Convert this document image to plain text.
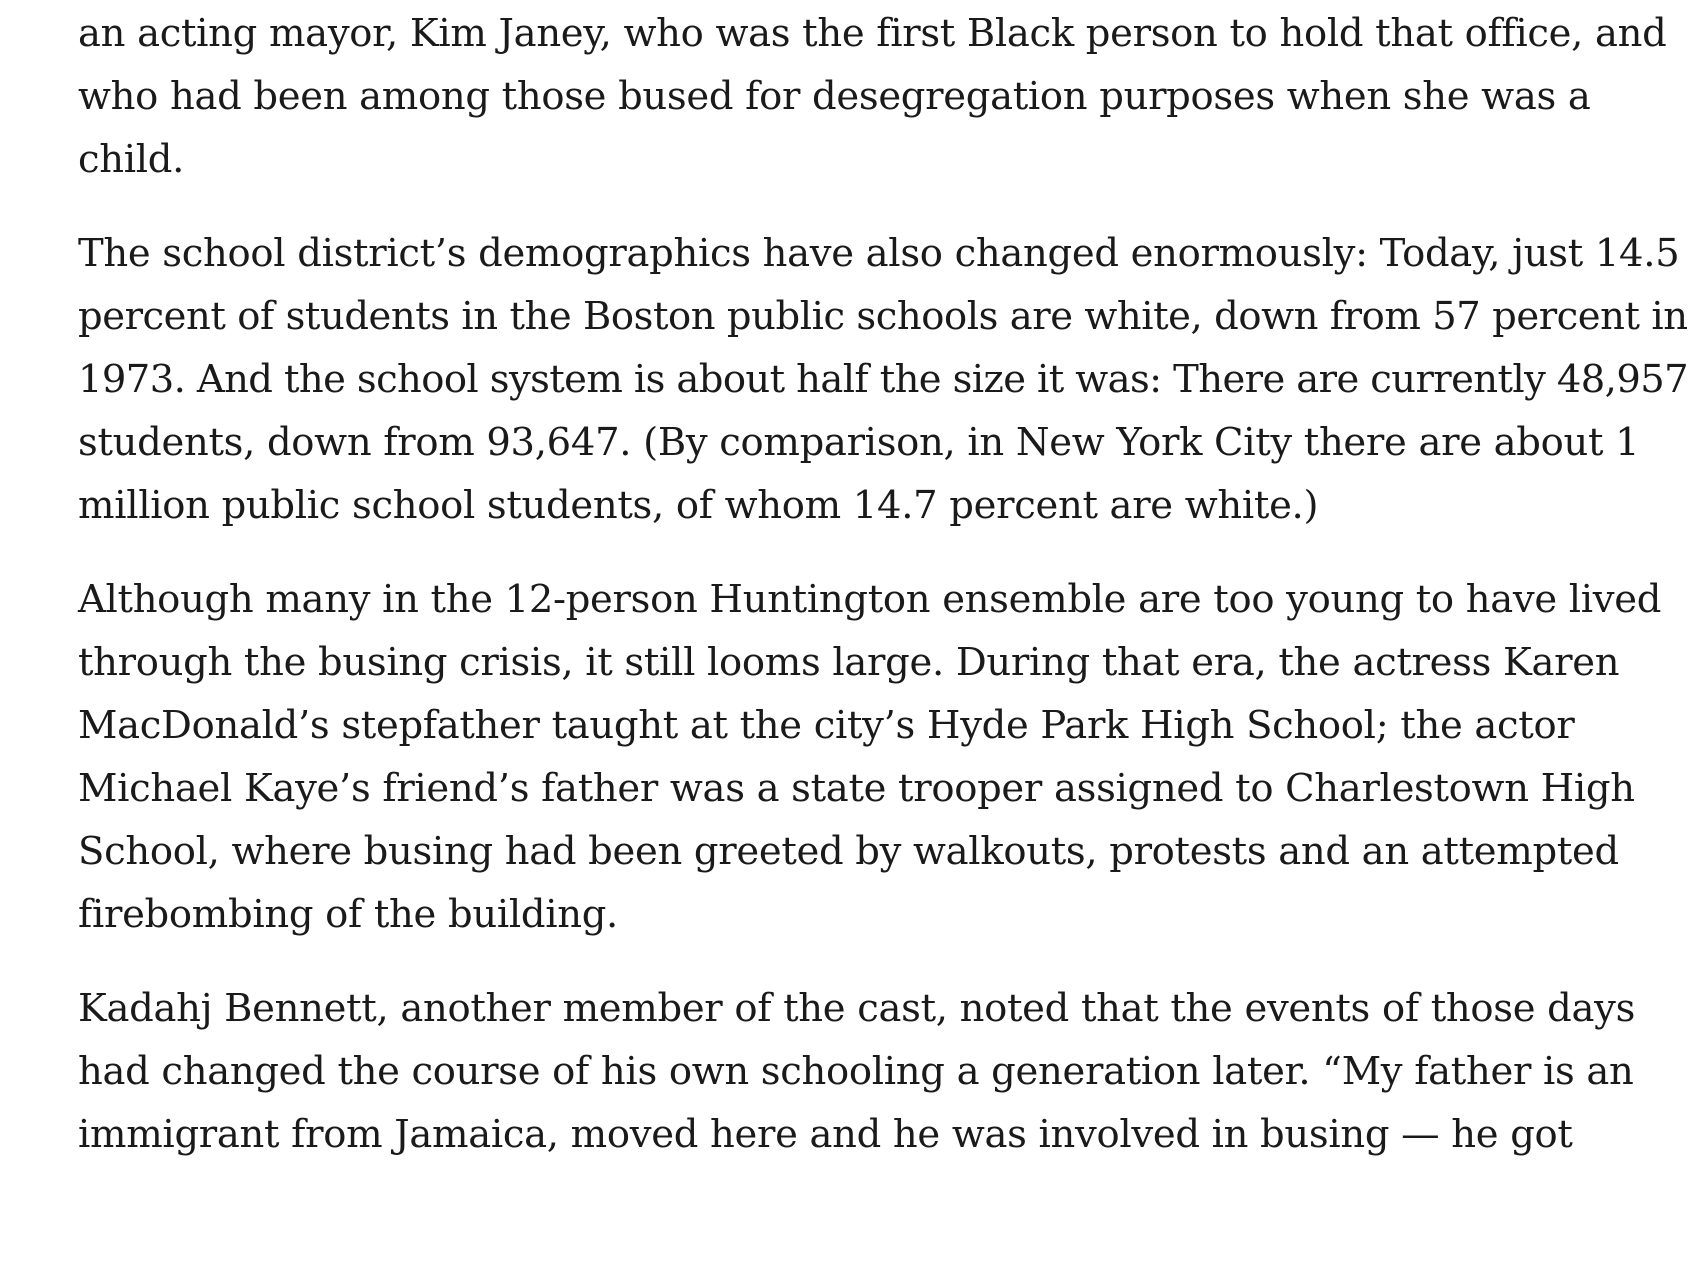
an acting mayor, Kim Janey, who was the first Black person to hold that office, and
who had been among those bused for desegregation purposes when she was a
child.

The school district’s demographics have also changed enormously: Today, just 14.5
percent of students in the Boston public schools are white, down from 57 percent in
1973. And the school system is about half the size it was: There are currently 48,957
students, down from 93,647. (By comparison, in New York City there are about 1
million public school students, of whom 14.7 percent are white.)

Although many in the 12-person Huntington ensemble are too young to have lived
through the busing crisis, it still looms large. During that era, the actress Karen
MacDonald’s stepfather taught at the city’s Hyde Park High School; the actor
Michael Kaye’s friend’s father was a state trooper assigned to Charlestown High
School, where busing had been greeted by walkouts, protests and an attempted
firebombing of the building.

Kadahj Bennett, another member of the cast, noted that the events of those days
had changed the course of his own schooling a generation later. “My father is an
immigrant from Jamaica, moved here and he was involved in busing — he got
